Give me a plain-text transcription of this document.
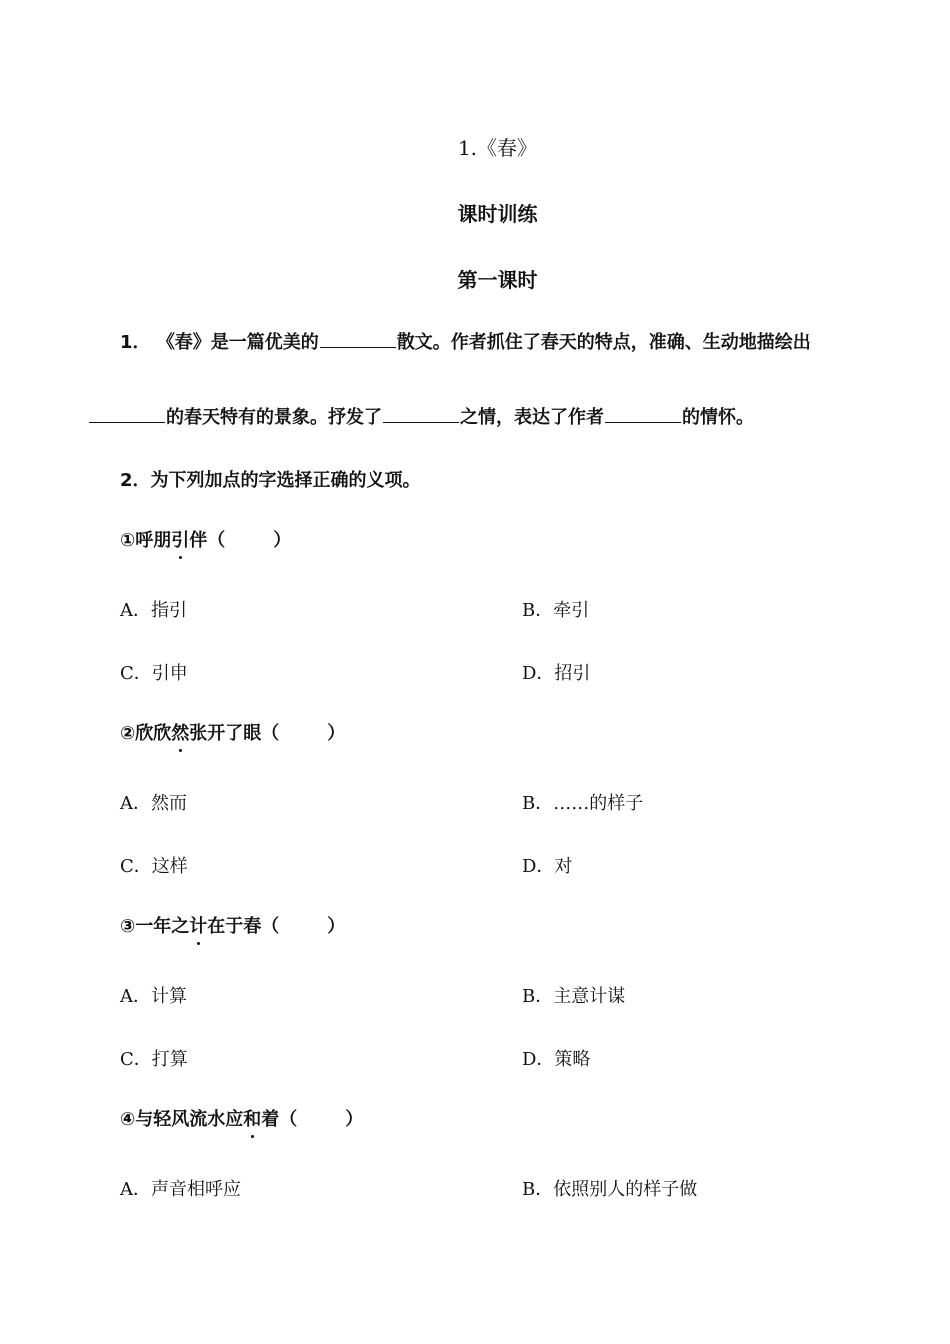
1.《春》
课时训练
第一课时
1． 《春》是一篇优美的	散文。作者抓住了春天的特点，准确、生动地描绘出
的春天特有的景象。抒发了	之情，表达了作者	的情怀。
2．为下列加点的字选择正确的义项。
①呼朋引伴（	）
A．指引	B．牵引
C．引申	D．招引
②欣欣然张开了眼（	）
A．然而	B．……的样子
C．这样	D．对
③一年之计在于春（	）
A．计算	B．主意计谋
C．打算	D．策略
④与轻风流水应和着（	）
A．声音相呼应	B．依照别人的样子做
